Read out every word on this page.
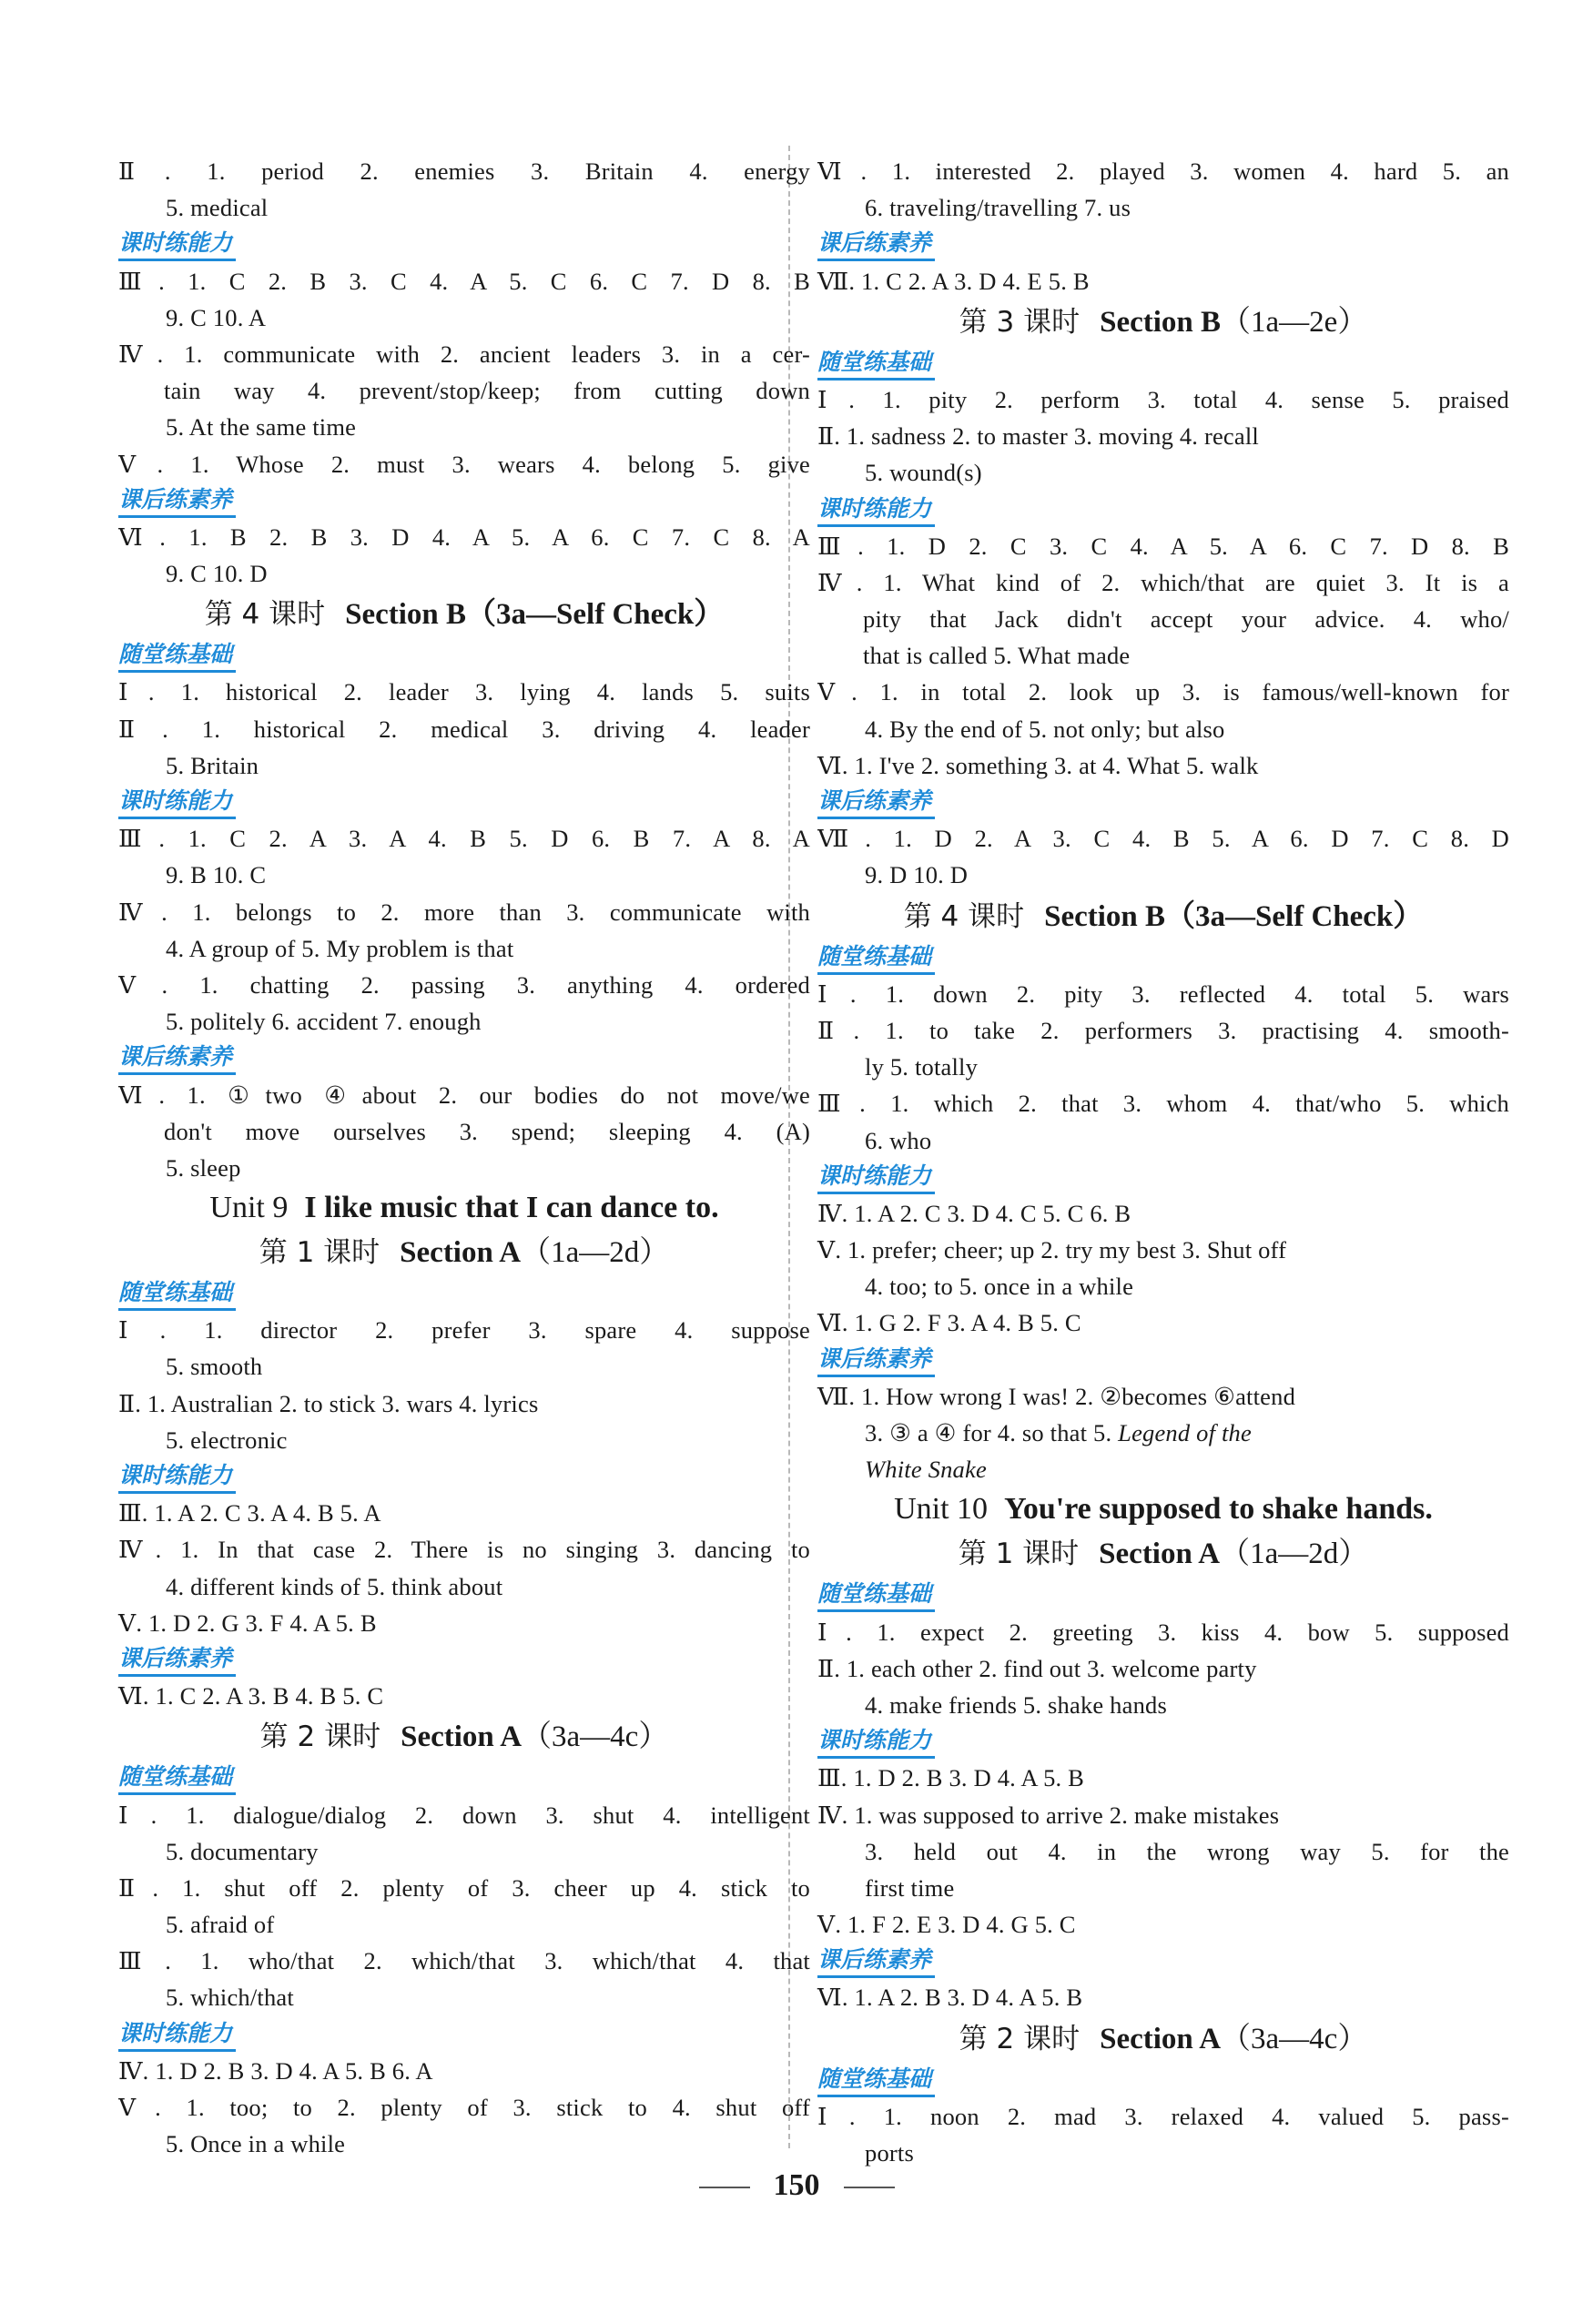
Ⅱ. 1. period 2. enemies 3. Britain 4. energy
5. medical
课时练能力
Ⅲ. 1. C 2. B 3. C 4. A 5. C 6. C 7. D 8. B
9. C 10. A
Ⅳ. 1. communicate with 2. ancient leaders 3. in a cer-
tain way 4. prevent/stop/keep; from cutting down
5. At the same time
Ⅴ. 1. Whose 2. must 3. wears 4. belong 5. give
课后练素养
Ⅵ. 1. B 2. B 3. D 4. A 5. A 6. C 7. C 8. A
9. C 10. D
第 4 课时 Section B（3a—Self Check）
随堂练基础
Ⅰ. 1. historical 2. leader 3. lying 4. lands 5. suits
Ⅱ. 1. historical 2. medical 3. driving 4. leader
5. Britain
课时练能力
Ⅲ. 1. C 2. A 3. A 4. B 5. D 6. B 7. A 8. A
9. B 10. C
Ⅳ. 1. belongs to 2. more than 3. communicate with
4. A group of 5. My problem is that
Ⅴ. 1. chatting 2. passing 3. anything 4. ordered
5. politely 6. accident 7. enough
课后练素养
Ⅵ. 1. ①two ④about 2. our bodies do not move/we
don't move ourselves 3. spend; sleeping 4. (A)
5. sleep
Unit 9 I like music that I can dance to.
第 1 课时 Section A（1a—2d）
随堂练基础
Ⅰ. 1. director 2. prefer 3. spare 4. suppose
5. smooth
Ⅱ. 1. Australian 2. to stick 3. wars 4. lyrics
5. electronic
课时练能力
Ⅲ. 1. A 2. C 3. A 4. B 5. A
Ⅳ. 1. In that case 2. There is no singing 3. dancing to
4. different kinds of 5. think about
Ⅴ. 1. D 2. G 3. F 4. A 5. B
课后练素养
Ⅵ. 1. C 2. A 3. B 4. B 5. C
第 2 课时 Section A（3a—4c）
随堂练基础
Ⅰ. 1. dialogue/dialog 2. down 3. shut 4. intelligent
5. documentary
Ⅱ. 1. shut off 2. plenty of 3. cheer up 4. stick to
5. afraid of
Ⅲ. 1. who/that 2. which/that 3. which/that 4. that
5. which/that
课时练能力
Ⅳ. 1. D 2. B 3. D 4. A 5. B 6. A
Ⅴ. 1. too; to 2. plenty of 3. stick to 4. shut off
5. Once in a while
Ⅵ. 1. interested 2. played 3. women 4. hard 5. an
6. traveling/travelling 7. us
课后练素养
Ⅶ. 1. C 2. A 3. D 4. E 5. B
第 3 课时 Section B（1a—2e）
随堂练基础
Ⅰ. 1. pity 2. perform 3. total 4. sense 5. praised
Ⅱ. 1. sadness 2. to master 3. moving 4. recall
5. wound(s)
课时练能力
Ⅲ. 1. D 2. C 3. C 4. A 5. A 6. C 7. D 8. B
Ⅳ. 1. What kind of 2. which/that are quiet 3. It is a
pity that Jack didn't accept your advice. 4. who/
that is called 5. What made
Ⅴ. 1. in total 2. look up 3. is famous/well-known for
4. By the end of 5. not only; but also
Ⅵ. 1. I've 2. something 3. at 4. What 5. walk
课后练素养
Ⅶ. 1. D 2. A 3. C 4. B 5. A 6. D 7. C 8. D
9. D 10. D
第 4 课时 Section B（3a—Self Check）
随堂练基础
Ⅰ. 1. down 2. pity 3. reflected 4. total 5. wars
Ⅱ. 1. to take 2. performers 3. practising 4. smooth-
ly 5. totally
Ⅲ. 1. which 2. that 3. whom 4. that/who 5. which
6. who
课时练能力
Ⅳ. 1. A 2. C 3. D 4. C 5. C 6. B
Ⅴ. 1. prefer; cheer; up 2. try my best 3. Shut off
4. too; to 5. once in a while
Ⅵ. 1. G 2. F 3. A 4. B 5. C
课后练素养
Ⅶ. 1. How wrong I was! 2. ②becomes ⑥attend
3. ③ a ④ for 4. so that 5. Legend of the
White Snake
Unit 10 You're supposed to shake hands.
第 1 课时 Section A（1a—2d）
随堂练基础
Ⅰ. 1. expect 2. greeting 3. kiss 4. bow 5. supposed
Ⅱ. 1. each other 2. find out 3. welcome party
4. make friends 5. shake hands
课时练能力
Ⅲ. 1. D 2. B 3. D 4. A 5. B
Ⅳ. 1. was supposed to arrive 2. make mistakes
3. held out 4. in the wrong way 5. for the
first time
Ⅴ. 1. F 2. E 3. D 4. G 5. C
课后练素养
Ⅵ. 1. A 2. B 3. D 4. A 5. B
第 2 课时 Section A（3a—4c）
随堂练基础
Ⅰ. 1. noon 2. mad 3. relaxed 4. valued 5. pass-
ports
150
